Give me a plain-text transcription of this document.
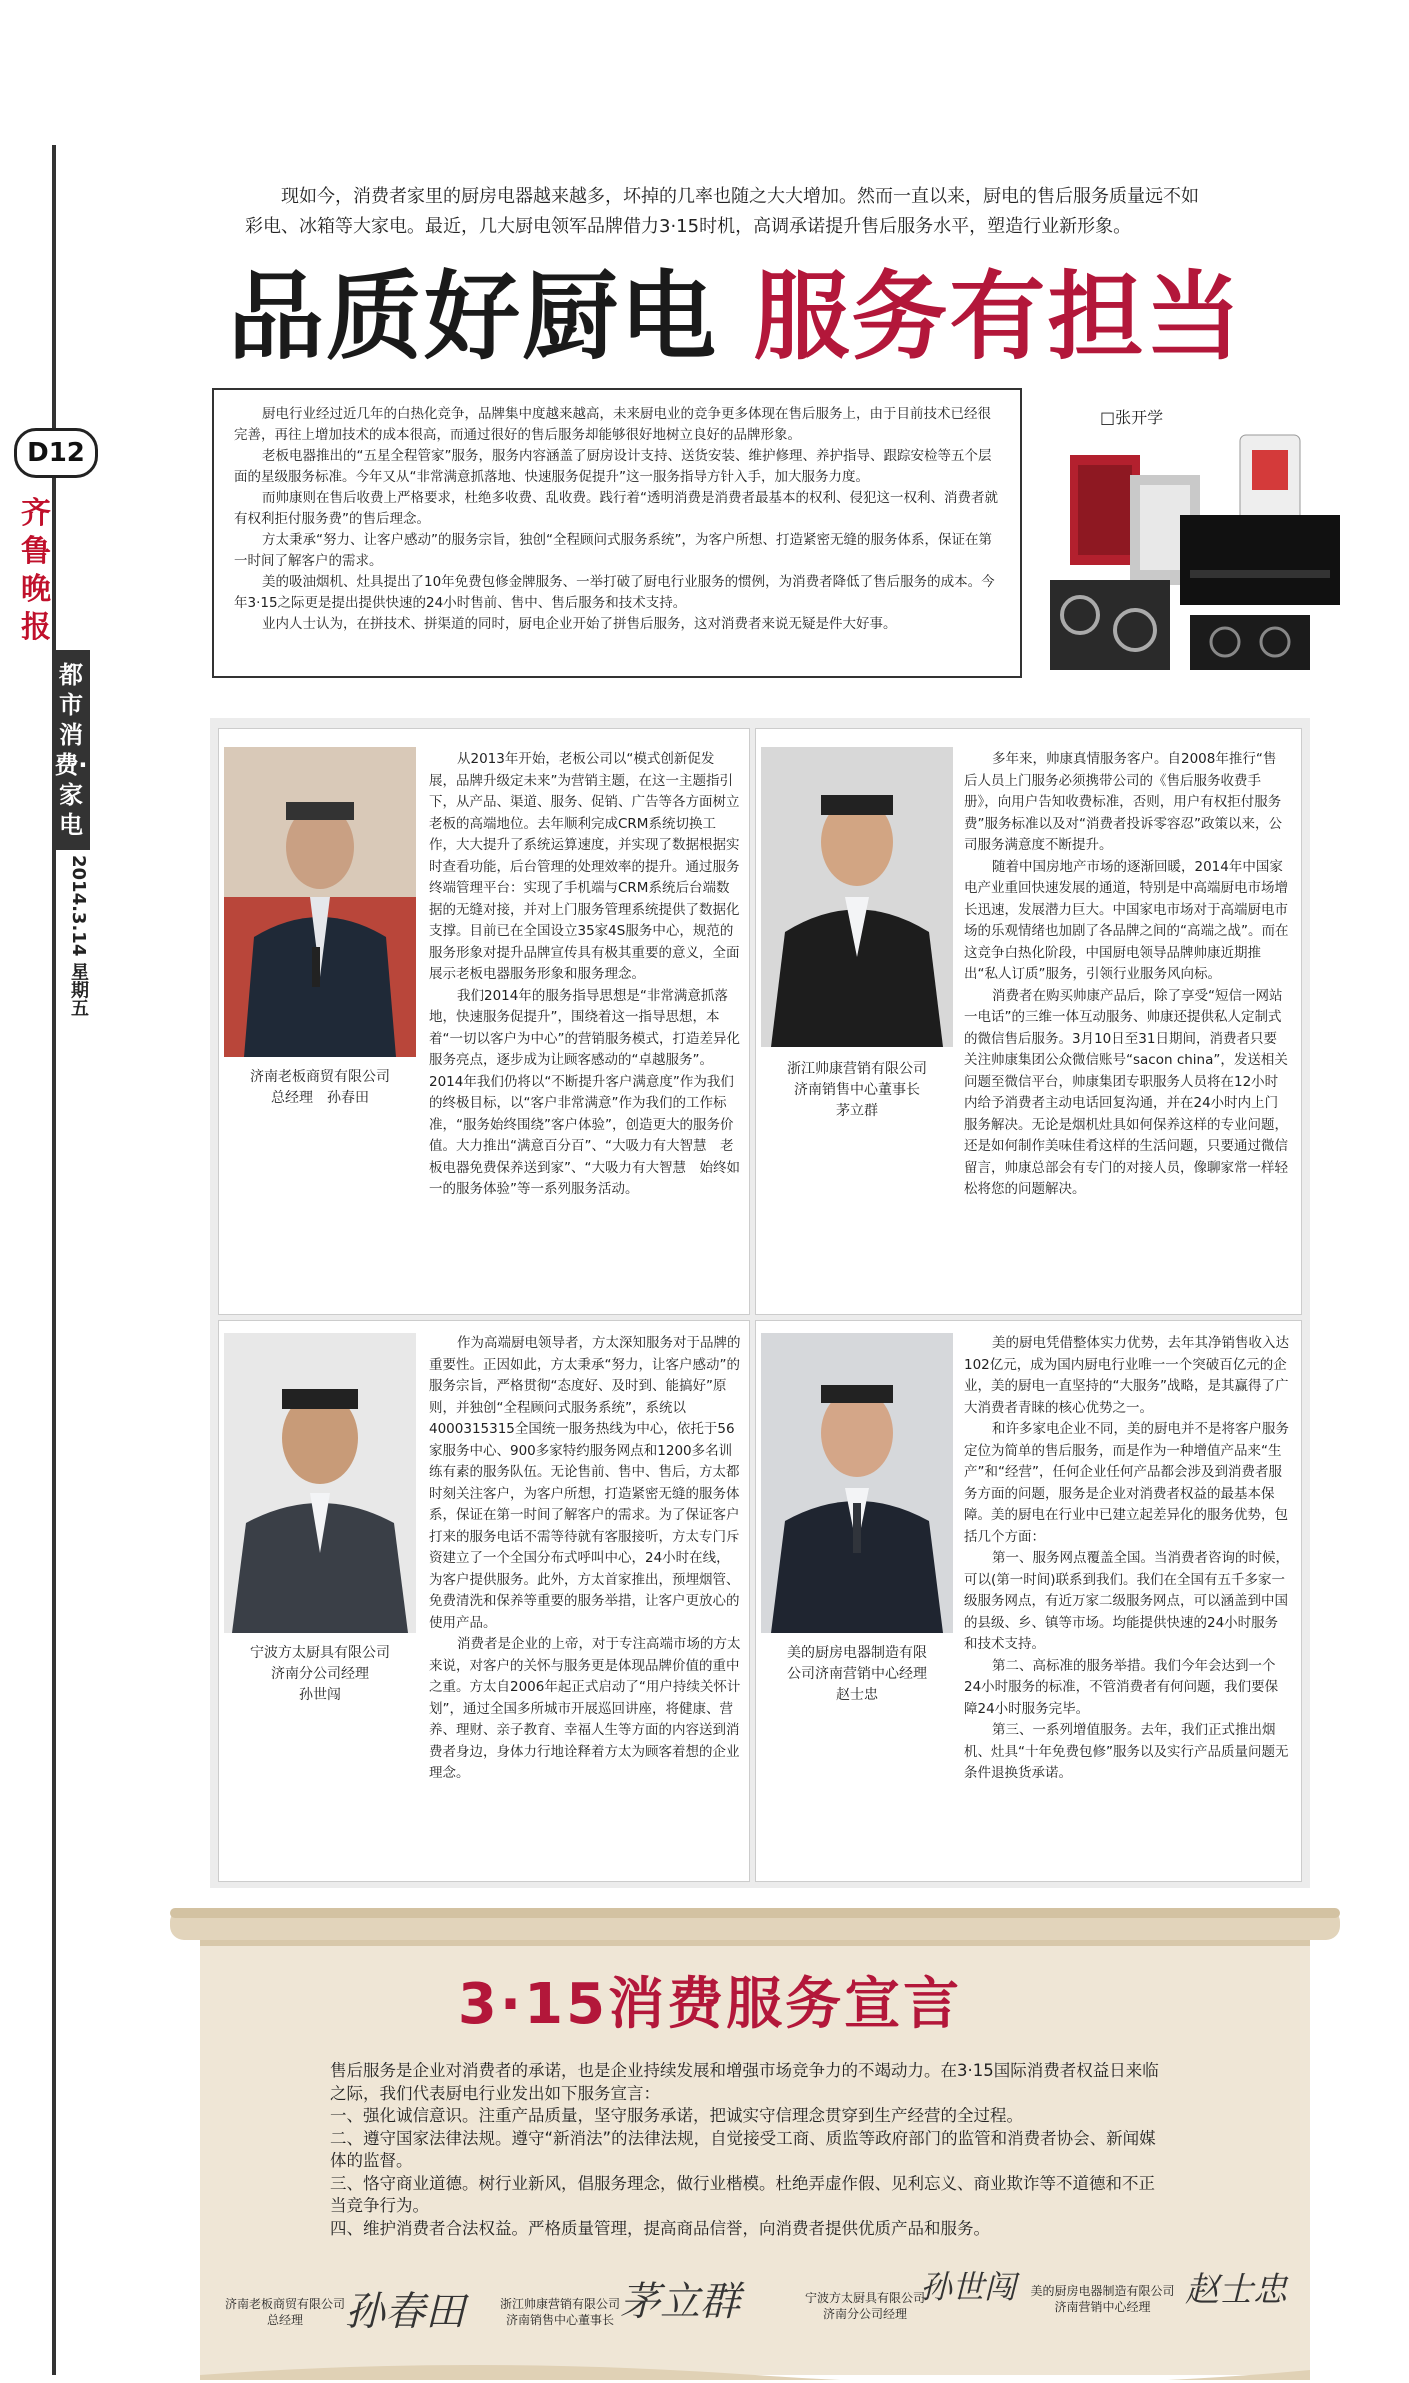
D12
齐鲁晚报
都市消费·家电
2014.3.14 星期五
现如今，消费者家里的厨房电器越来越多，坏掉的几率也随之大大增加。然而一直以来，厨电的售后服务质量远不如彩电、冰箱等大家电。最近，几大厨电领军品牌借力3·15时机，高调承诺提升售后服务水平，塑造行业新形象。
品质好厨电 服务有担当

厨电行业经过近几年的白热化竞争，品牌集中度越来越高，未来厨电业的竞争更多体现在售后服务上，由于目前技术已经很完善，再往上增加技术的成本很高，而通过很好的售后服务却能够很好地树立良好的品牌形象。

老板电器推出的“五星全程管家”服务，服务内容涵盖了厨房设计支持、送货安装、维护修理、养护指导、跟踪安检等五个层面的星级服务标准。今年又从“非常满意抓落地、快速服务促提升”这一服务指导方针入手，加大服务力度。

而帅康则在售后收费上严格要求，杜绝多收费、乱收费。践行着“透明消费是消费者最基本的权利、侵犯这一权利、消费者就有权利拒付服务费”的售后理念。

方太秉承“努力、让客户感动”的服务宗旨，独创“全程顾问式服务系统”，为客户所想、打造紧密无缝的服务体系，保证在第一时间了解客户的需求。

美的吸油烟机、灶具提出了10年免费包修金牌服务、一举打破了厨电行业服务的惯例，为消费者降低了售后服务的成本。今年3·15之际更是提出提供快速的24小时售前、售中、售后服务和技术支持。

业内人士认为，在拼技术、拼渠道的同时，厨电企业开始了拼售后服务，这对消费者来说无疑是件大好事。

□张开学
济南老板商贸有限公司
总经理　孙春田

从2013年开始，老板公司以“模式创新促发展，品牌升级定未来”为营销主题，在这一主题指引下，从产品、渠道、服务、促销、广告等各方面树立老板的高端地位。去年顺利完成CRM系统切换工作，大大提升了系统运算速度，并实现了数据根据实时查看功能，后台管理的处理效率的提升。通过服务终端管理平台：实现了手机端与CRM系统后台端数据的无缝对接，并对上门服务管理系统提供了数据化支撑。目前已在全国设立35家4S服务中心，规范的服务形象对提升品牌宣传具有极其重要的意义，全面展示老板电器服务形象和服务理念。

我们2014年的服务指导思想是“非常满意抓落地，快速服务促提升”，围绕着这一指导思想，本着“一切以客户为中心”的营销服务模式，打造差异化服务亮点，逐步成为让顾客感动的“卓越服务”。2014年我们仍将以“不断提升客户满意度”作为我们的终极目标，以“客户非常满意”作为我们的工作标准，“服务始终围绕”客户体验”，创造更大的服务价值。大力推出“满意百分百”、“大吸力有大智慧　老板电器免费保养送到家”、“大吸力有大智慧　始终如一的服务体验”等一系列服务活动。

浙江帅康营销有限公司
济南销售中心董事长
茅立群

多年来，帅康真情服务客户。自2008年推行“售后人员上门服务必须携带公司的《售后服务收费手册》，向用户告知收费标准，否则，用户有权拒付服务费”服务标准以及对“消费者投诉零容忍”政策以来，公司服务满意度不断提升。

随着中国房地产市场的逐渐回暖，2014年中国家电产业重回快速发展的通道，特别是中高端厨电市场增长迅速，发展潜力巨大。中国家电市场对于高端厨电市场的乐观情绪也加剧了各品牌之间的“高端之战”。而在这竞争白热化阶段，中国厨电领导品牌帅康近期推出“私人订质”服务，引领行业服务风向标。

消费者在购买帅康产品后，除了享受“短信一网站一电话”的三维一体互动服务、帅康还提供私人定制式的微信售后服务。3月10日至31日期间，消费者只要关注帅康集团公众微信账号“sacon china”，发送相关问题至微信平台，帅康集团专职服务人员将在12小时内给予消费者主动电话回复沟通，并在24小时内上门服务解决。无论是烟机灶具如何保养这样的专业问题，还是如何制作美味佳肴这样的生活问题，只要通过微信留言，帅康总部会有专门的对接人员，像聊家常一样轻松将您的问题解决。

宁波方太厨具有限公司
济南分公司经理
孙世闯

作为高端厨电领导者，方太深知服务对于品牌的重要性。正因如此，方太秉承“努力，让客户感动”的服务宗旨，严格贯彻“态度好、及时到、能搞好”原则，并独创“全程顾问式服务系统”，系统以4000315315全国统一服务热线为中心，依托于56家服务中心、900多家特约服务网点和1200多名训练有素的服务队伍。无论售前、售中、售后，方太都时刻关注客户，为客户所想，打造紧密无缝的服务体系，保证在第一时间了解客户的需求。为了保证客户打来的服务电话不需等待就有客服接听，方太专门斥资建立了一个全国分布式呼叫中心，24小时在线，为客户提供服务。此外，方太首家推出，预埋烟管、免费清洗和保养等重要的服务举措，让客户更放心的使用产品。

消费者是企业的上帝，对于专注高端市场的方太来说，对客户的关怀与服务更是体现品牌价值的重中之重。方太自2006年起正式启动了“用户持续关怀计划”，通过全国多所城市开展巡回讲座，将健康、营养、理财、亲子教育、幸福人生等方面的内容送到消费者身边，身体力行地诠释着方太为顾客着想的企业理念。

美的厨房电器制造有限
公司济南营销中心经理
赵士忠

美的厨电凭借整体实力优势，去年其净销售收入达102亿元，成为国内厨电行业唯一一个突破百亿元的企业，美的厨电一直坚持的“大服务”战略，是其赢得了广大消费者青睐的核心优势之一。

和许多家电企业不同，美的厨电并不是将客户服务定位为简单的售后服务，而是作为一种增值产品来“生产”和“经营”，任何企业任何产品都会涉及到消费者服务方面的问题，服务是企业对消费者权益的最基本保障。美的厨电在行业中已建立起差异化的服务优势，包括几个方面：

第一、服务网点覆盖全国。当消费者咨询的时候，可以(第一时间)联系到我们。我们在全国有五千多家一级服务网点，有近万家二级服务网点，可以涵盖到中国的县级、乡、镇等市场。均能提供快速的24小时服务和技术支持。

第二、高标准的服务举措。我们今年会达到一个24小时服务的标准，不管消费者有何问题，我们要保障24小时服务完毕。

第三、一系列增值服务。去年，我们正式推出烟机、灶具“十年免费包修”服务以及实行产品质量问题无条件退换货承诺。

3·15消费服务宣言

售后服务是企业对消费者的承诺，也是企业持续发展和增强市场竞争力的不竭动力。在3·15国际消费者权益日来临之际，我们代表厨电行业发出如下服务宣言：

一、强化诚信意识。注重产品质量，坚守服务承诺，把诚实守信理念贯穿到生产经营的全过程。

二、遵守国家法律法规。遵守“新消法”的法律法规，自觉接受工商、质监等政府部门的监管和消费者协会、新闻媒体的监督。

三、恪守商业道德。树行业新风，倡服务理念，做行业楷模。杜绝弄虚作假、见利忘义、商业欺诈等不道德和不正当竞争行为。

四、维护消费者合法权益。严格质量管理，提高商品信誉，向消费者提供优质产品和服务。

济南老板商贸有限公司
总经理	孙春田	浙江帅康营销有限公司
济南销售中心董事长 茅立群	宁波方太厨具有限公司
济南分公司经理
孙世闯	美的厨房电器制造有限公司
济南营销中心经理	赵士忠
